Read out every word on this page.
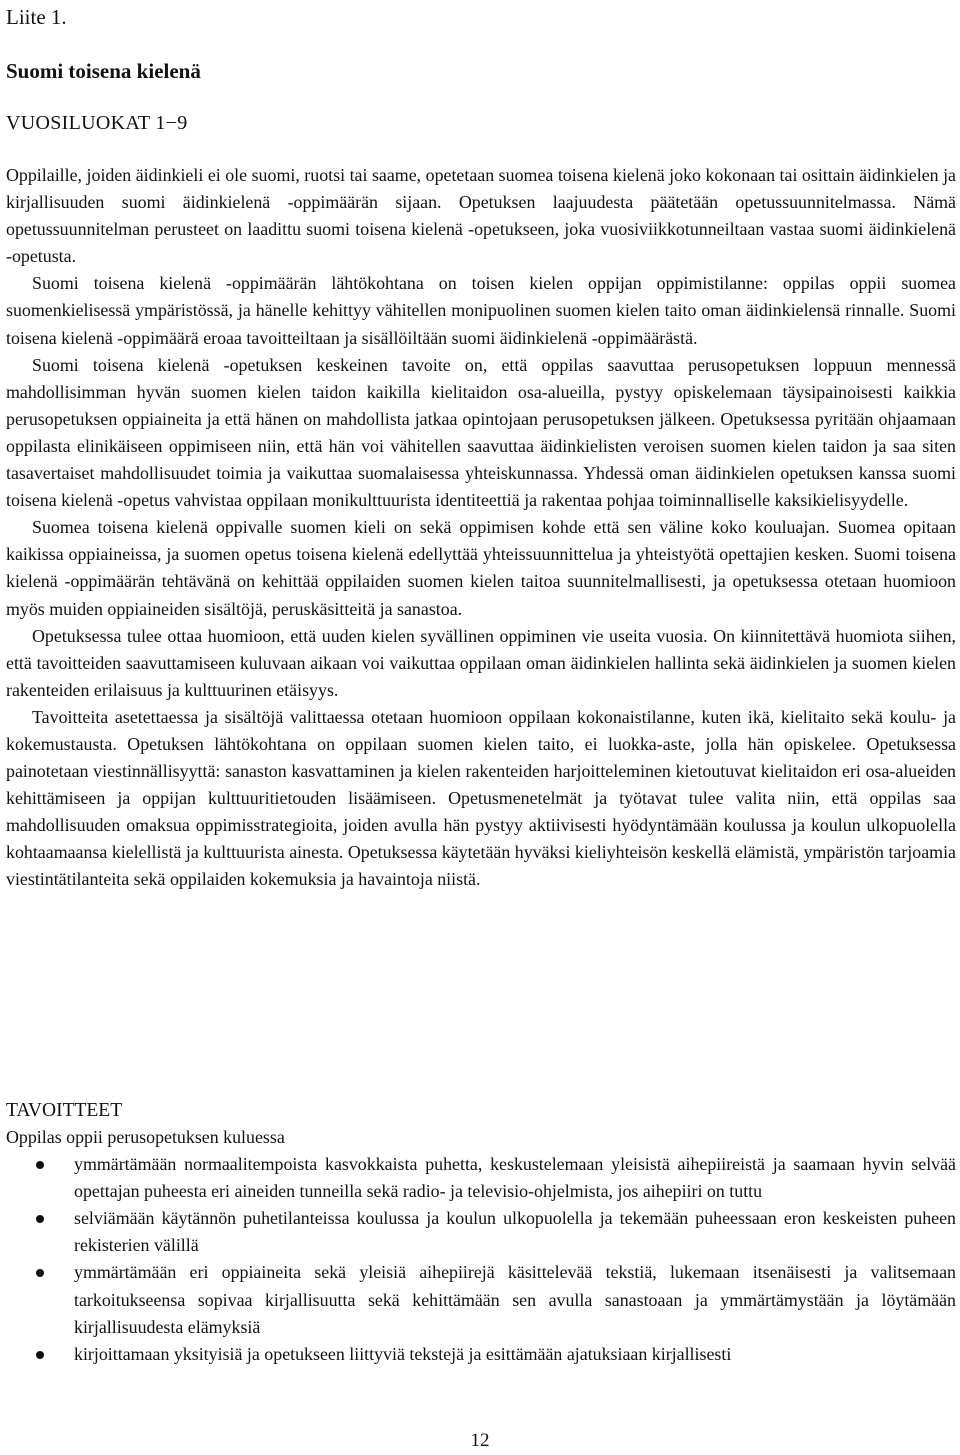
Liite 1.
Suomi toisena kielenä
VUOSILUOKAT 1−9

Oppilaille, joiden äidinkieli ei ole suomi, ruotsi tai saame, opetetaan suomea toisena kielenä joko kokonaan tai osittain äidinkielen ja kirjallisuuden suomi äidinkielenä -oppimäärän sijaan. Opetuksen laajuudesta päätetään opetussuunnitelmassa. Nämä opetussuunnitelman perusteet on laadittu suomi toisena kielenä -opetukseen, joka vuosiviikkotunneiltaan vastaa suomi äidinkielenä -opetusta.

Suomi toisena kielenä -oppimäärän lähtökohtana on toisen kielen oppijan oppimistilanne: oppilas oppii suomea suomenkielisessä ympäristössä, ja hänelle kehittyy vähitellen monipuolinen suomen kielen taito oman äidinkielensä rinnalle. Suomi toisena kielenä -oppimäärä eroaa tavoitteiltaan ja sisällöiltään suomi äidinkielenä -oppimäärästä.

Suomi toisena kielenä -opetuksen keskeinen tavoite on, että oppilas saavuttaa perusopetuksen loppuun mennessä mahdollisimman hyvän suomen kielen taidon kaikilla kielitaidon osa-alueilla, pystyy opiskelemaan täysipainoisesti kaikkia perusopetuksen oppiaineita ja että hänen on mahdollista jatkaa opintojaan perusopetuksen jälkeen. Opetuksessa pyritään ohjaamaan oppilasta elinikäiseen oppimiseen niin, että hän voi vähitellen saavuttaa äidinkielisten veroisen suomen kielen taidon ja saa siten tasavertaiset mahdollisuudet toimia ja vaikuttaa suomalaisessa yhteiskunnassa. Yhdessä oman äidinkielen opetuksen kanssa suomi toisena kielenä -opetus vahvistaa oppilaan monikulttuurista identiteettiä ja rakentaa pohjaa toiminnalliselle kaksikielisyydelle.

Suomea toisena kielenä oppivalle suomen kieli on sekä oppimisen kohde että sen väline koko kouluajan. Suomea opitaan kaikissa oppiaineissa, ja suomen opetus toisena kielenä edellyttää yhteissuunnittelua ja yhteistyötä opettajien kesken. Suomi toisena kielenä -oppimäärän tehtävänä on kehittää oppilaiden suomen kielen taitoa suunnitelmallisesti, ja opetuksessa otetaan huomioon myös muiden oppiaineiden sisältöjä, peruskäsitteitä ja sanastoa.

Opetuksessa tulee ottaa huomioon, että uuden kielen syvällinen oppiminen vie useita vuosia. On kiinnitettävä huomiota siihen, että tavoitteiden saavuttamiseen kuluvaan aikaan voi vaikuttaa oppilaan oman äidinkielen hallinta sekä äidinkielen ja suomen kielen rakenteiden erilaisuus ja kulttuurinen etäisyys.

Tavoitteita asetettaessa ja sisältöjä valittaessa otetaan huomioon oppilaan kokonaistilanne, kuten ikä, kielitaito sekä koulu- ja kokemustausta. Opetuksen lähtökohtana on oppilaan suomen kielen taito, ei luokka-aste, jolla hän opiskelee. Opetuksessa painotetaan viestinnällisyyttä: sanaston kasvattaminen ja kielen rakenteiden harjoitteleminen kietoutuvat kielitaidon eri osa-alueiden kehittämiseen ja oppijan kulttuuritietouden lisäämiseen. Opetusmenetelmät ja työtavat tulee valita niin, että oppilas saa mahdollisuuden omaksua oppimisstrategioita, joiden avulla hän pystyy aktiivisesti hyödyntämään koulussa ja koulun ulkopuolella kohtaamaansa kielellistä ja kulttuurista ainesta. Opetuksessa käytetään hyväksi kieliyhteisön keskellä elämistä, ympäristön tarjoamia viestintätilanteita sekä oppilaiden kokemuksia ja havaintoja niistä.

TAVOITTEET

Oppilas oppii perusopetuksen kuluessa

ymmärtämään normaalitempoista kasvokkaista puhetta, keskustelemaan yleisistä aihepiireistä ja saamaan hyvin selvää opettajan puheesta eri aineiden tunneilla sekä radio- ja televisio-ohjelmista, jos aihepiiri on tuttu
selviämään käytännön puhetilanteissa koulussa ja koulun ulkopuolella ja tekemään puheessaan eron keskeisten puheen rekisterien välillä
ymmärtämään eri oppiaineita sekä yleisiä aihepiirejä käsittelevää tekstiä, lukemaan itsenäisesti ja valitsemaan tarkoitukseensa sopivaa kirjallisuutta sekä kehittämään sen avulla sanastoaan ja ymmärtämystään ja löytämään kirjallisuudesta elämyksiä
kirjoittamaan yksityisiä ja opetukseen liittyviä tekstejä ja esittämään ajatuksiaan kirjallisesti
12
